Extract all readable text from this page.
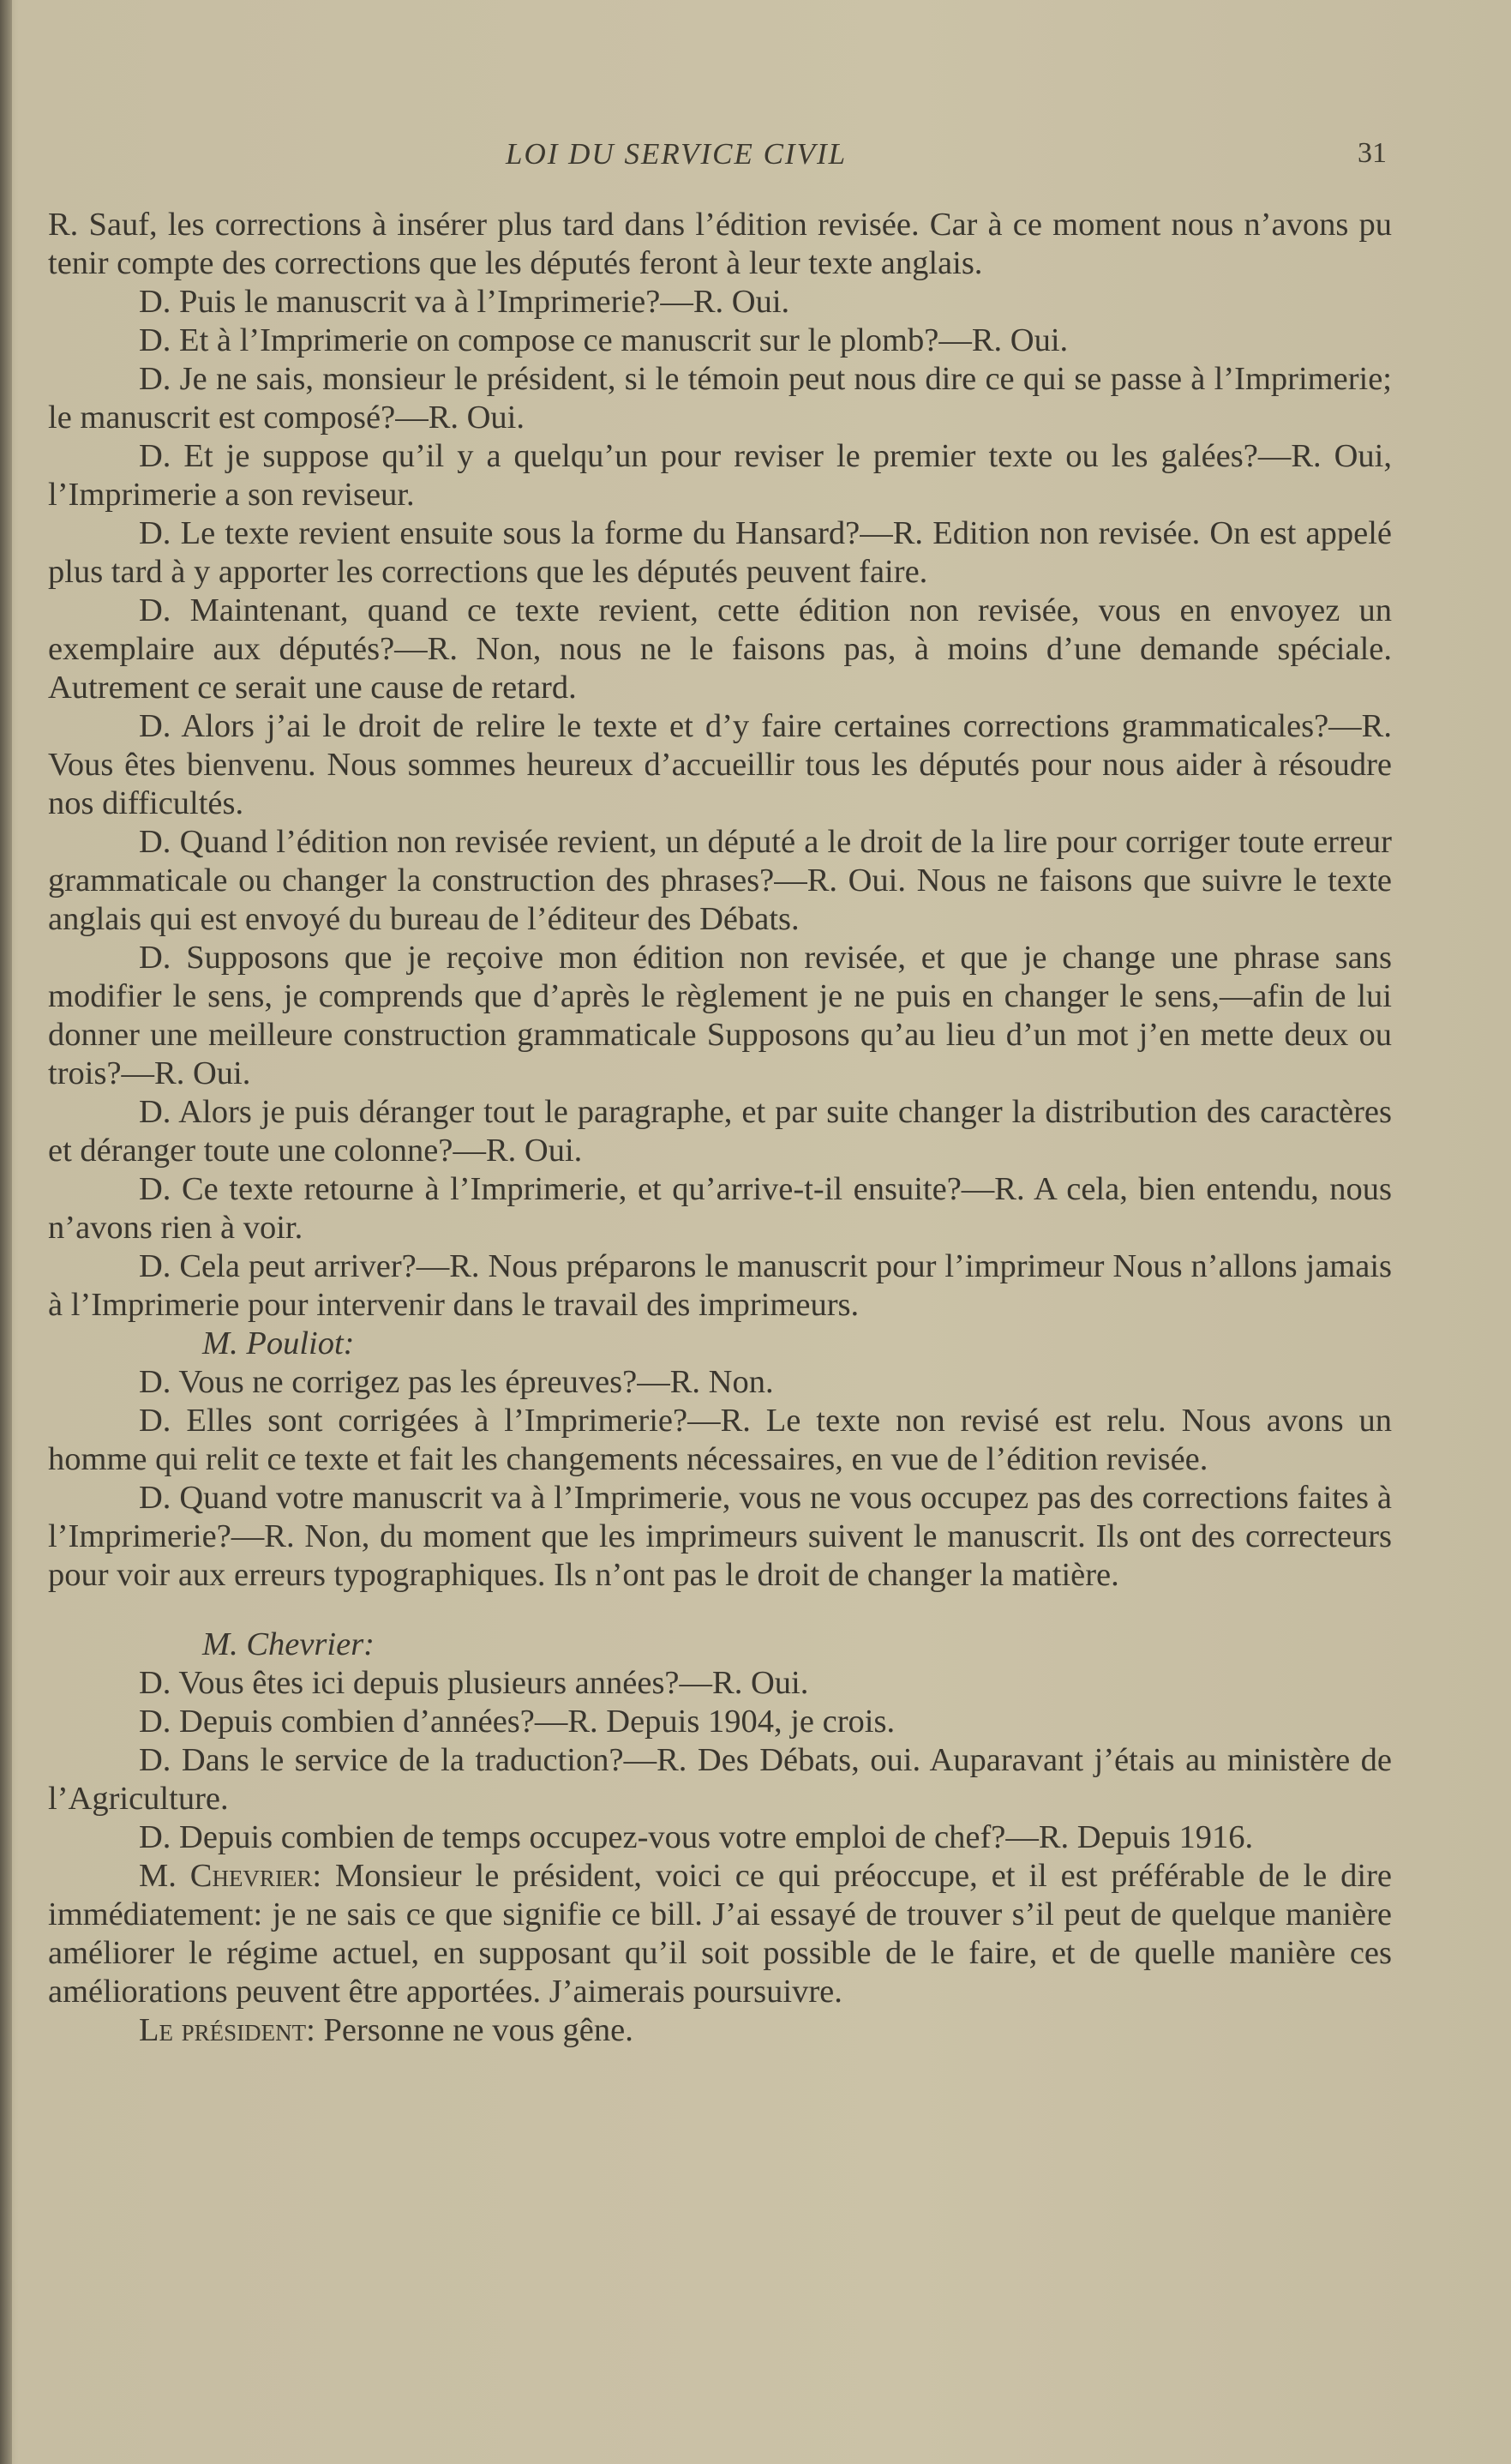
LOI DU SERVICE CIVIL	31

R. Sauf, les corrections à insérer plus tard dans l’édition revisée. Car à ce moment nous n’avons pu tenir compte des corrections que les députés feront à leur texte anglais.

D. Puis le manuscrit va à l’Imprimerie?—R. Oui.

D. Et à l’Imprimerie on compose ce manuscrit sur le plomb?—R. Oui.

D. Je ne sais, monsieur le président, si le témoin peut nous dire ce qui se passe à l’Imprimerie; le manuscrit est composé?—R. Oui.

D. Et je suppose qu’il y a quelqu’un pour reviser le premier texte ou les galées?—R. Oui, l’Imprimerie a son reviseur.

D. Le texte revient ensuite sous la forme du Hansard?—R. Edition non revisée. On est appelé plus tard à y apporter les corrections que les députés peuvent faire.

D. Maintenant, quand ce texte revient, cette édition non revisée, vous en envoyez un exemplaire aux députés?—R. Non, nous ne le faisons pas, à moins d’une demande spéciale. Autrement ce serait une cause de retard.

D. Alors j’ai le droit de relire le texte et d’y faire certaines corrections grammaticales?—R. Vous êtes bienvenu. Nous sommes heureux d’accueillir tous les députés pour nous aider à résoudre nos difficultés.

D. Quand l’édition non revisée revient, un député a le droit de la lire pour corriger toute erreur grammaticale ou changer la construction des phrases?—R. Oui. Nous ne faisons que suivre le texte anglais qui est envoyé du bureau de l’éditeur des Débats.

D. Supposons que je reçoive mon édition non revisée, et que je change une phrase sans modifier le sens, je comprends que d’après le règlement je ne puis en changer le sens,—afin de lui donner une meilleure construction grammaticale Supposons qu’au lieu d’un mot j’en mette deux ou trois?—R. Oui.

D. Alors je puis déranger tout le paragraphe, et par suite changer la distribution des caractères et déranger toute une colonne?—R. Oui.

D. Ce texte retourne à l’Imprimerie, et qu’arrive-t-il ensuite?—R. A cela, bien entendu, nous n’avons rien à voir.

D. Cela peut arriver?—R. Nous préparons le manuscrit pour l’imprimeur Nous n’allons jamais à l’Imprimerie pour intervenir dans le travail des imprimeurs.

M. Pouliot:

D. Vous ne corrigez pas les épreuves?—R. Non.

D. Elles sont corrigées à l’Imprimerie?—R. Le texte non revisé est relu. Nous avons un homme qui relit ce texte et fait les changements nécessaires, en vue de l’édition revisée.

D. Quand votre manuscrit va à l’Imprimerie, vous ne vous occupez pas des corrections faites à l’Imprimerie?—R. Non, du moment que les imprimeurs suivent le manuscrit. Ils ont des correcteurs pour voir aux erreurs typographiques. Ils n’ont pas le droit de changer la matière.

M. Chevrier:

D. Vous êtes ici depuis plusieurs années?—R. Oui.

D. Depuis combien d’années?—R. Depuis 1904, je crois.

D. Dans le service de la traduction?—R. Des Débats, oui. Auparavant j’étais au ministère de l’Agriculture.

D. Depuis combien de temps occupez-vous votre emploi de chef?—R. Depuis 1916.

M. Chevrier: Monsieur le président, voici ce qui préoccupe, et il est préférable de le dire immédiatement: je ne sais ce que signifie ce bill. J’ai essayé de trouver s’il peut de quelque manière améliorer le régime actuel, en supposant qu’il soit possible de le faire, et de quelle manière ces améliorations peuvent être apportées. J’aimerais poursuivre.

Le président: Personne ne vous gêne.
